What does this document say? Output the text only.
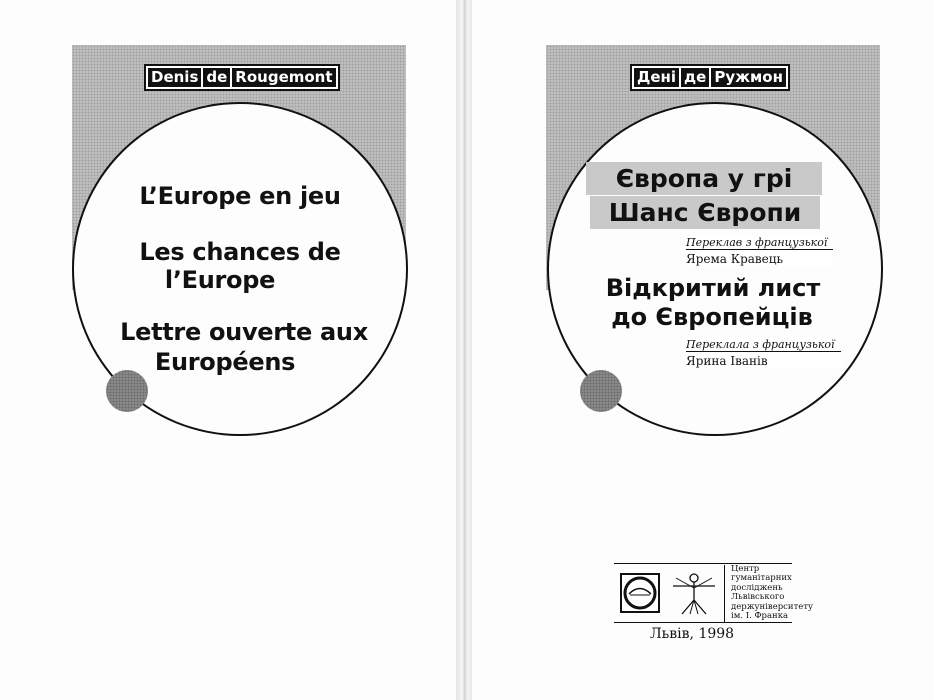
Denis de Rougemont
L’Europe en jeu
Les chances de
l’Europe
Lettre ouverte aux
Européens
Дені де Ружмон
Європа у грі
Шанс Європи
Переклав з французької
Ярема Кравець
Відкритий лист
до Європейців
Переклала з французької
Ярина Іванів
Центр
гуманітарних
досліджень
Львівського
держуніверситету
ім. І. Франка
Львів, 1998
